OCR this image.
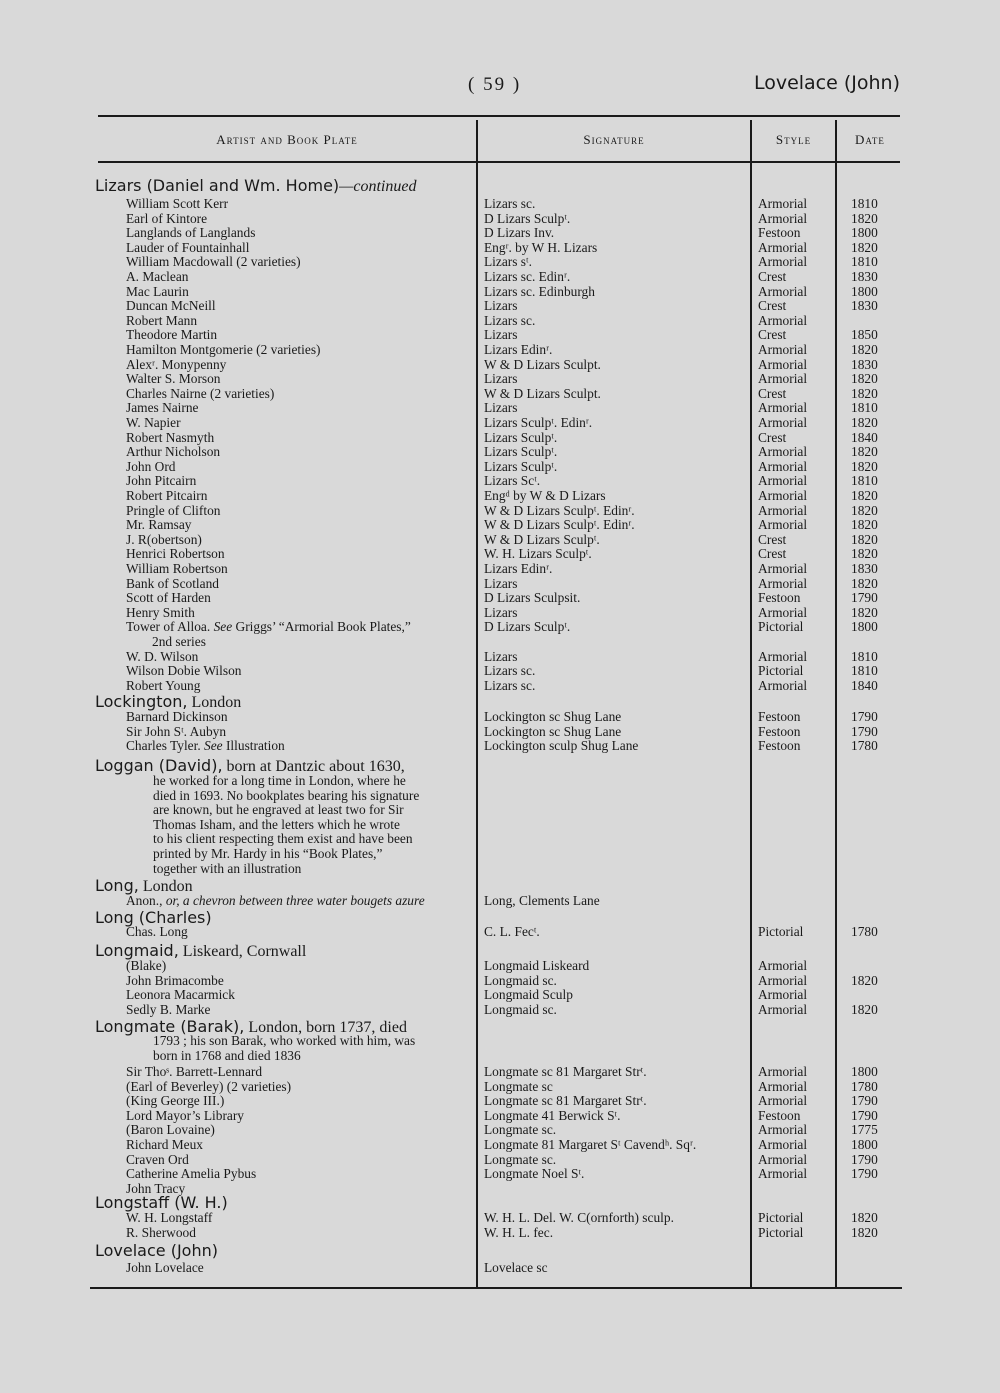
( 59 )	Lovelace (John)
Artist and Book Plate	Signature	Style	Date
Lizars (Daniel and Wm. Home)—continued
William Scott Kerr	Lizars sc.	Armorial	1810
Earl of Kintore	D Lizars Sculpᵗ.	Armorial	1820
Langlands of Langlands	D Lizars Inv.	Festoon	1800
Lauder of Fountainhall	Engʳ. by W H. Lizars	Armorial	1820
William Macdowall (2 varieties)	Lizars sᵗ.	Armorial	1810
A. Maclean	Lizars sc. Edinʳ.	Crest	1830
Mac Laurin	Lizars sc. Edinburgh	Armorial	1800
Duncan McNeill	Lizars	Crest	1830
Robert Mann	Lizars sc.	Armorial
Theodore Martin	Lizars	Crest	1850
Hamilton Montgomerie (2 varieties)	Lizars Edinʳ.	Armorial	1820
Alexʳ. Monypenny	W & D Lizars Sculpt.	Armorial	1830
Walter S. Morson	Lizars	Armorial	1820
Charles Nairne (2 varieties)	W & D Lizars Sculpt.	Crest	1820
James Nairne	Lizars	Armorial	1810
W. Napier	Lizars Sculpᵗ. Edinʳ.	Armorial	1820
Robert Nasmyth	Lizars Sculpᵗ.	Crest	1840
Arthur Nicholson	Lizars Sculpᵗ.	Armorial	1820
John Ord	Lizars Sculpᵗ.	Armorial	1820
John Pitcairn	Lizars Scᵗ.	Armorial	1810
Robert Pitcairn	Engᵈ by W & D Lizars	Armorial	1820
Pringle of Clifton	W & D Lizars Sculpᵗ. Edinʳ.	Armorial	1820
Mr. Ramsay	W & D Lizars Sculpᵗ. Edinʳ.	Armorial	1820
J. R(obertson)	W & D Lizars Sculpᵗ.	Crest	1820
Henrici Robertson	W. H. Lizars Sculpᵗ.	Crest	1820
William Robertson	Lizars Edinʳ.	Armorial	1830
Bank of Scotland	Lizars	Armorial	1820
Scott of Harden	D Lizars Sculpsit.	Festoon	1790
Henry Smith	Lizars	Armorial	1820
Tower of Alloa. See Griggs’ “Armorial Book Plates,”	D Lizars Sculpᵗ.	Pictorial	1800
2nd series
W. D. Wilson	Lizars	Armorial	1810
Wilson Dobie Wilson	Lizars sc.	Pictorial	1810
Robert Young	Lizars sc.	Armorial	1840
Lockington, London
Barnard Dickinson	Lockington sc Shug Lane	Festoon	1790
Sir John Sᵗ. Aubyn	Lockington sc Shug Lane	Festoon	1790
Charles Tyler. See Illustration	Lockington sculp Shug Lane	Festoon	1780
Loggan (David), born at Dantzic about 1630,
he worked for a long time in London, where he
died in 1693. No bookplates bearing his signature
are known, but he engraved at least two for Sir
Thomas Isham, and the letters which he wrote
to his client respecting them exist and have been
printed by Mr. Hardy in his “Book Plates,”
together with an illustration
Long, London
Anon., or, a chevron between three water bougets azure	Long, Clements Lane
Long (Charles)
Chas. Long	C. L. Fecᵗ.	Pictorial	1780
Longmaid, Liskeard, Cornwall
(Blake)	Longmaid Liskeard	Armorial
John Brimacombe	Longmaid sc.	Armorial	1820
Leonora Macarmick	Longmaid Sculp	Armorial
Sedly B. Marke	Longmaid sc.	Armorial	1820
Longmate (Barak), London, born 1737, died
1793 ; his son Barak, who worked with him, was
born in 1768 and died 1836
Sir Thoˢ. Barrett-Lennard	Longmate sc 81 Margaret Strᵗ.	Armorial	1800
(Earl of Beverley) (2 varieties)	Longmate sc	Armorial	1780
(King George III.)	Longmate sc 81 Margaret Strᵗ.	Armorial	1790
Lord Mayor’s Library	Longmate 41 Berwick Sᵗ.	Festoon	1790
(Baron Lovaine)	Longmate sc.	Armorial	1775
Richard Meux	Longmate 81 Margaret Sᵗ Cavendʰ. Sqʳ.	Armorial	1800
Craven Ord	Longmate sc.	Armorial	1790
Catherine Amelia Pybus	Longmate Noel Sᵗ.	Armorial	1790
John Tracy
Longstaff (W. H.)
W. H. Longstaff	W. H. L. Del. W. C(ornforth) sculp.	Pictorial	1820
R. Sherwood	W. H. L. fec.	Pictorial	1820
Lovelace (John)
John Lovelace	Lovelace sc
